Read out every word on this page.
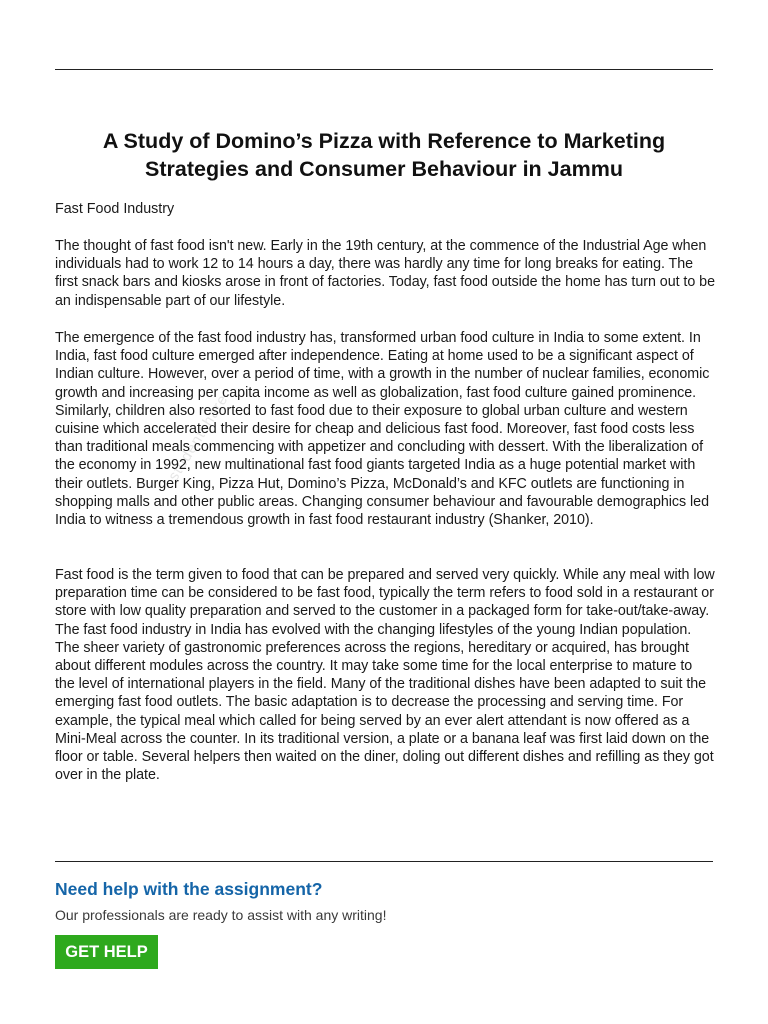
A Study of Domino’s Pizza with Reference to Marketing Strategies and Consumer Behaviour in Jammu

Fast Food Industry

The thought of fast food isn't new. Early in the 19th century, at the commence of the Industrial Age when individuals had to work 12 to 14 hours a day, there was hardly any time for long breaks for eating. The first snack bars and kiosks arose in front of factories. Today, fast food outside the home has turn out to be an indispensable part of our lifestyle.

The emergence of the fast food industry has, transformed urban food culture in India to some extent. In India, fast food culture emerged after independence. Eating at home used to be a significant aspect of Indian culture. However, over a period of time, with a growth in the number of nuclear families, economic growth and increasing per capita income as well as globalization, fast food culture gained prominence. Similarly, children also resorted to fast food due to their exposure to global urban culture and western cuisine which accelerated their desire for cheap and delicious fast food. Moreover, fast food costs less than traditional meals commencing with appetizer and concluding with dessert. With the liberalization of the economy in 1992, new multinational fast food giants targeted India as a huge potential market with their outlets. Burger King, Pizza Hut, Domino’s Pizza, McDonald’s and KFC outlets are functioning in shopping malls and other public areas. Changing consumer behaviour and favourable demographics led India to witness a tremendous growth in fast food restaurant industry (Shanker, 2010).

Fast food is the term given to food that can be prepared and served very quickly. While any meal with low preparation time can be considered to be fast food, typically the term refers to food sold in a restaurant or store with low quality preparation and served to the customer in a packaged form for take-out/take-away. The fast food industry in India has evolved with the changing lifestyles of the young Indian population. The sheer variety of gastronomic preferences across the regions, hereditary or acquired, has brought about different modules across the country. It may take some time for the local enterprise to mature to the level of international players in the field. Many of the traditional dishes have been adapted to suit the emerging fast food outlets. The basic adaptation is to decrease the processing and serving time. For example, the typical meal which called for being served by an ever alert attendant is now offered as a Mini-Meal across the counter. In its traditional version, a plate or a banana leaf was first laid down on the floor or table. Several helpers then waited on the diner, doling out different dishes and refilling as they got over in the plate.

studentshare
Need help with the assignment?

Our professionals are ready to assist with any writing!

GET HELP
